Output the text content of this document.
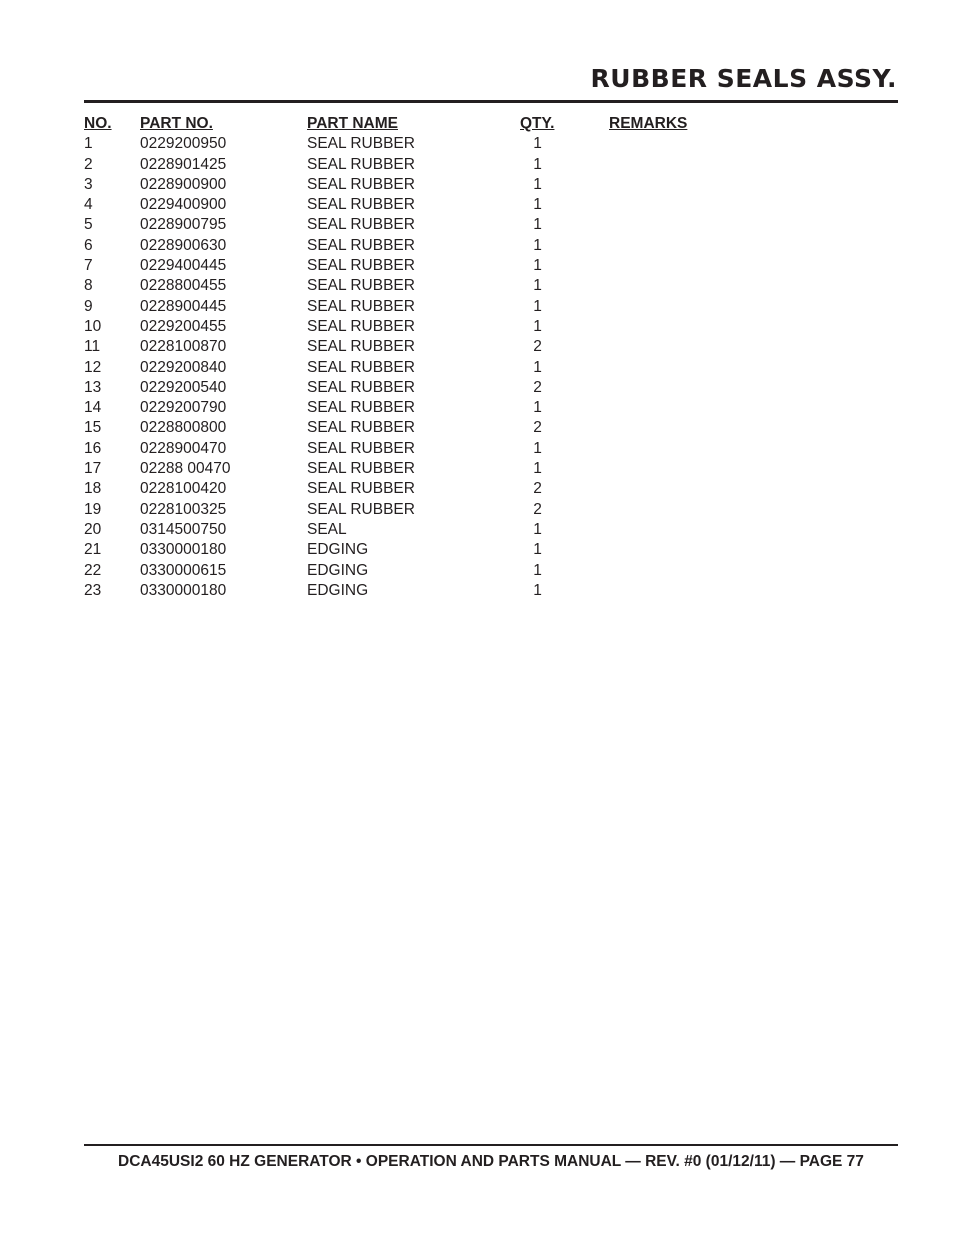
RUBBER SEALS ASSY.
NO. PART NO.	PART NAME	QTY.	REMARKS
1	0229200950	SEAL RUBBER	1
2	0228901425	SEAL RUBBER	1
3	0228900900	SEAL RUBBER	1
4	0229400900	SEAL RUBBER	1
5	0228900795	SEAL RUBBER	1
6	0228900630	SEAL RUBBER	1
7	0229400445	SEAL RUBBER	1
8	0228800455	SEAL RUBBER	1
9	0228900445	SEAL RUBBER	1
10	0229200455	SEAL RUBBER	1
11	0228100870	SEAL RUBBER	2
12	0229200840	SEAL RUBBER	1
13	0229200540	SEAL RUBBER	2
14	0229200790	SEAL RUBBER	1
15	0228800800	SEAL RUBBER	2
16	0228900470	SEAL RUBBER	1
17	02288 00470	SEAL RUBBER	1
18	0228100420	SEAL RUBBER	2
19	0228100325	SEAL RUBBER	2
20	0314500750	SEAL	1
21	0330000180	EDGING	1
22	0330000615	EDGING	1
23	0330000180	EDGING	1
DCA45USI2 60 HZ GENERATOR • OPERATION AND PARTS MANUAL — REV. #0 (01/12/11) — PAGE 77
